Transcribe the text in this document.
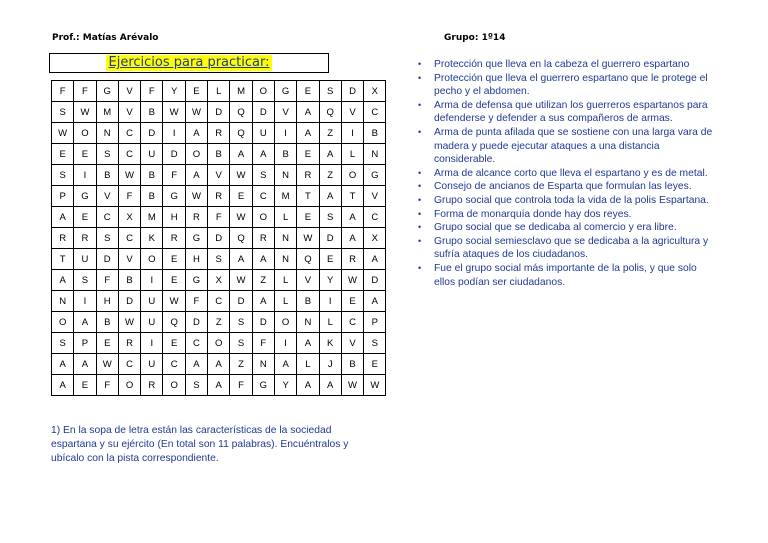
Prof.: Matías Arévalo	Grupo: 1º14
Ejercicios para practicar:
F	F	G	V	F	Y	E	L	M	O	G	E	S	D	X
S	W	M	V	B	W	W	D	Q	D	V	A	Q	V	C
W	O	N	C	D	I	A	R	Q	U	I	A	Z	I	B
E	E	S	C	U	D	O	B	A	A	B	E	A	L	N
S	I	B	W	B	F	A	V	W	S	N	R	Z	O	G
P	G	V	F	B	G	W	R	E	C	M	T	A	T	V
A	E	C	X	M	H	R	F	W	O	L	E	S	A	C
R	R	S	C	K	R	G	D	Q	R	N	W	D	A	X
T	U	D	V	O	E	H	S	A	A	N	Q	E	R	A
A	S	F	B	I	E	G	X	W	Z	L	V	Y	W	D
N	I	H	D	U	W	F	C	D	A	L	B	I	E	A
O	A	B	W	U	Q	D	Z	S	D	O	N	L	C	P
S	P	E	R	I	E	C	O	S	F	I	A	K	V	S
A	A	W	C	U	C	A	A	Z	N	A	L	J	B	E
A	E	F	O	R	O	S	A	F	G	Y	A	A	W	W
1) En la sopa de letra están las características de la sociedad espartana y su ejército (En total son 11 palabras). Encuéntralos y ubícalo con la pista correspondiente.
• Protección que lleva en la cabeza el guerrero espartano
• Protección que lleva el guerrero espartano que le protege el pecho y el abdomen.
• Arma de defensa que utilizan los guerreros espartanos para defenderse y defender a sus compañeros de armas.
• Arma de punta afilada que se sostiene con una larga vara de madera y puede ejecutar ataques a una distancia considerable.
• Arma de alcance corto que lleva el espartano y es de metal.
• Consejo de ancianos de Esparta que formulan las leyes.
• Grupo social que controla toda la vida de la polis Espartana.
• Forma de monarquía donde hay dos reyes.
• Grupo social que se dedicaba al comercio y era libre.
• Grupo social semiesclavo que se dedicaba a la agricultura y sufría ataques de los ciudadanos.
• Fue el grupo social más importante de la polis, y que solo ellos podían ser ciudadanos.
